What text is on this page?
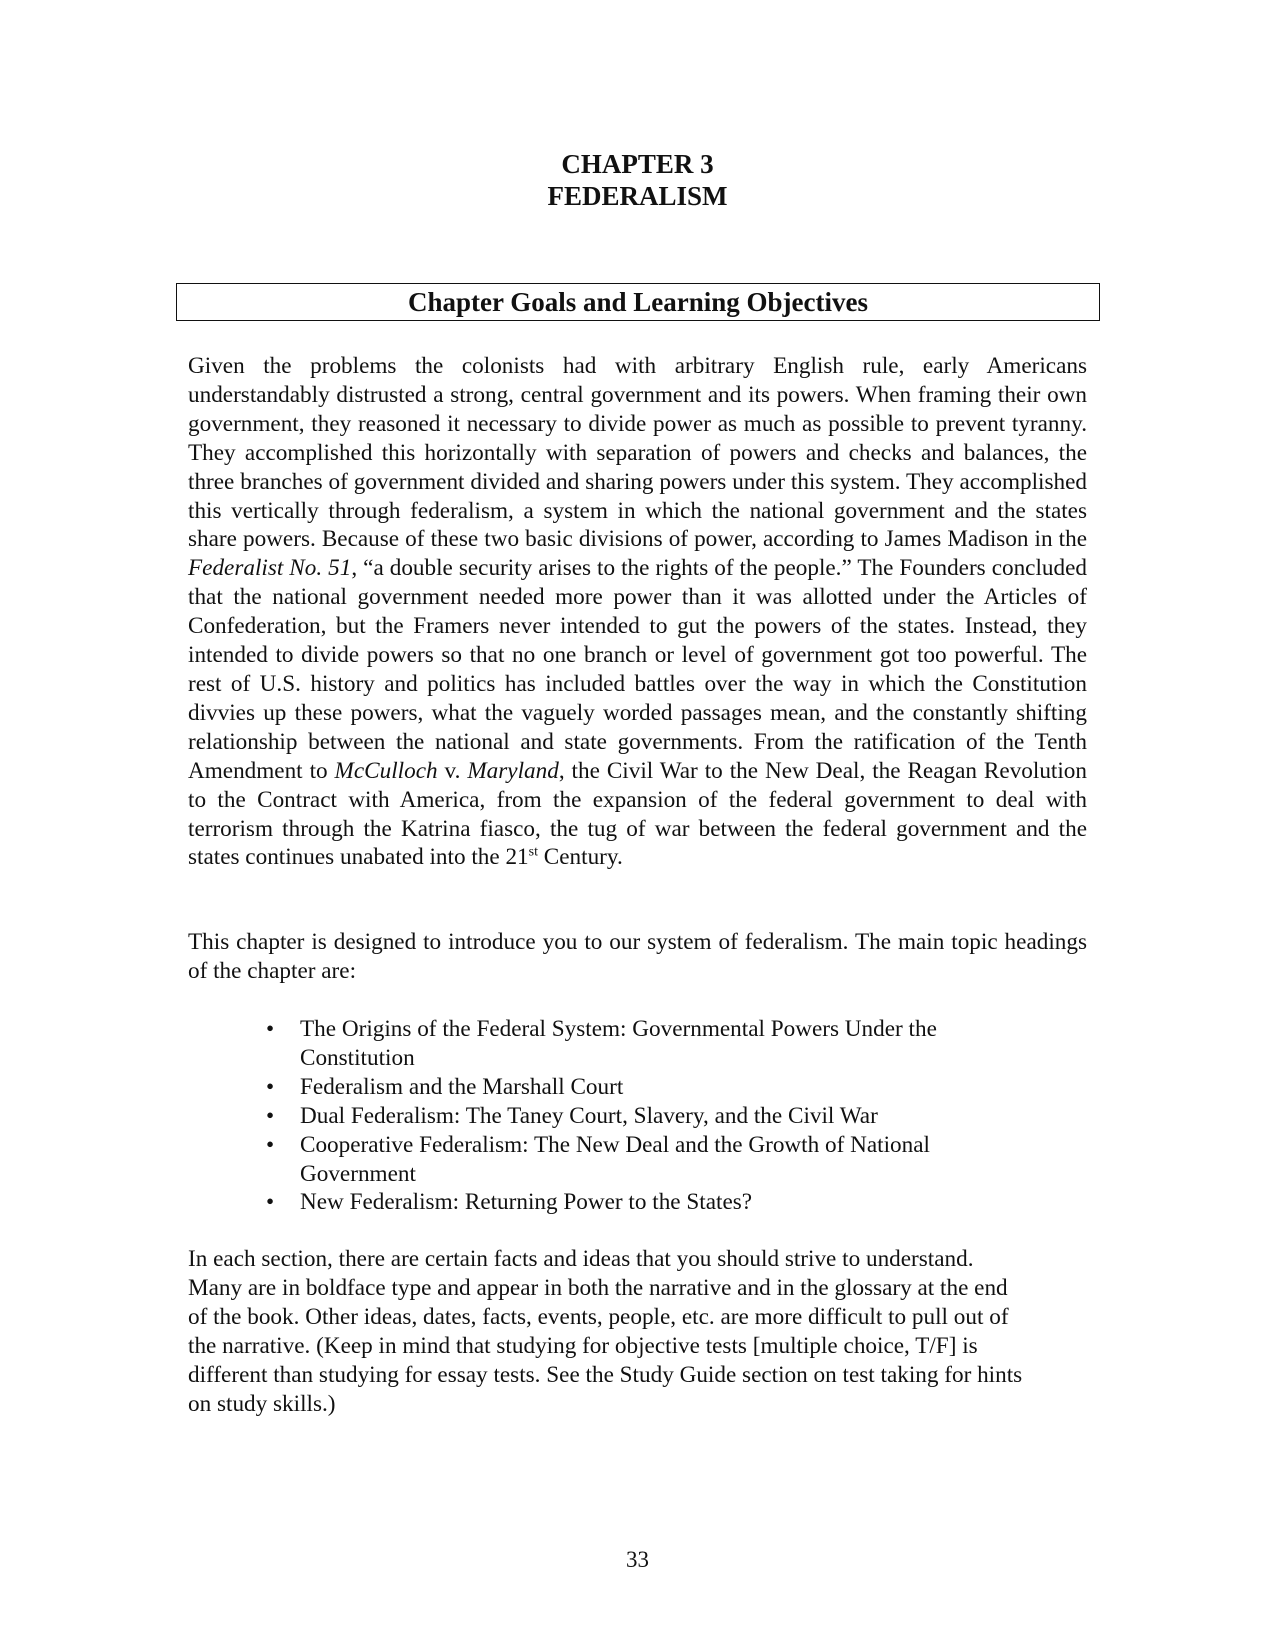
CHAPTER 3
FEDERALISM
Chapter Goals and Learning Objectives
Given the problems the colonists had with arbitrary English rule, early Americans understandably distrusted a strong, central government and its powers. When framing their own government, they reasoned it necessary to divide power as much as possible to prevent tyranny. They accomplished this horizontally with separation of powers and checks and balances, the three branches of government divided and sharing powers under this system. They accomplished this vertically through federalism, a system in which the national government and the states share powers. Because of these two basic divisions of power, according to James Madison in the Federalist No. 51, “a double security arises to the rights of the people.” The Founders concluded that the national government needed more power than it was allotted under the Articles of Confederation, but the Framers never intended to gut the powers of the states. Instead, they intended to divide powers so that no one branch or level of government got too powerful. The rest of U.S. history and politics has included battles over the way in which the Constitution divvies up these powers, what the vaguely worded passages mean, and the constantly shifting relationship between the national and state governments. From the ratification of the Tenth Amendment to McCulloch v. Maryland, the Civil War to the New Deal, the Reagan Revolution to the Contract with America, from the expansion of the federal government to deal with terrorism through the Katrina fiasco, the tug of war between the federal government and the states continues unabated into the 21st Century.
This chapter is designed to introduce you to our system of federalism. The main topic headings of the chapter are:
• The Origins of the Federal System: Governmental Powers Under the Constitution
• Federalism and the Marshall Court
• Dual Federalism: The Taney Court, Slavery, and the Civil War
• Cooperative Federalism: The New Deal and the Growth of National Government
• New Federalism: Returning Power to the States?
In each section, there are certain facts and ideas that you should strive to understand.
Many are in boldface type and appear in both the narrative and in the glossary at the end
of the book. Other ideas, dates, facts, events, people, etc. are more difficult to pull out of
the narrative. (Keep in mind that studying for objective tests [multiple choice, T/F] is
different than studying for essay tests. See the Study Guide section on test taking for hints
on study skills.)
33
